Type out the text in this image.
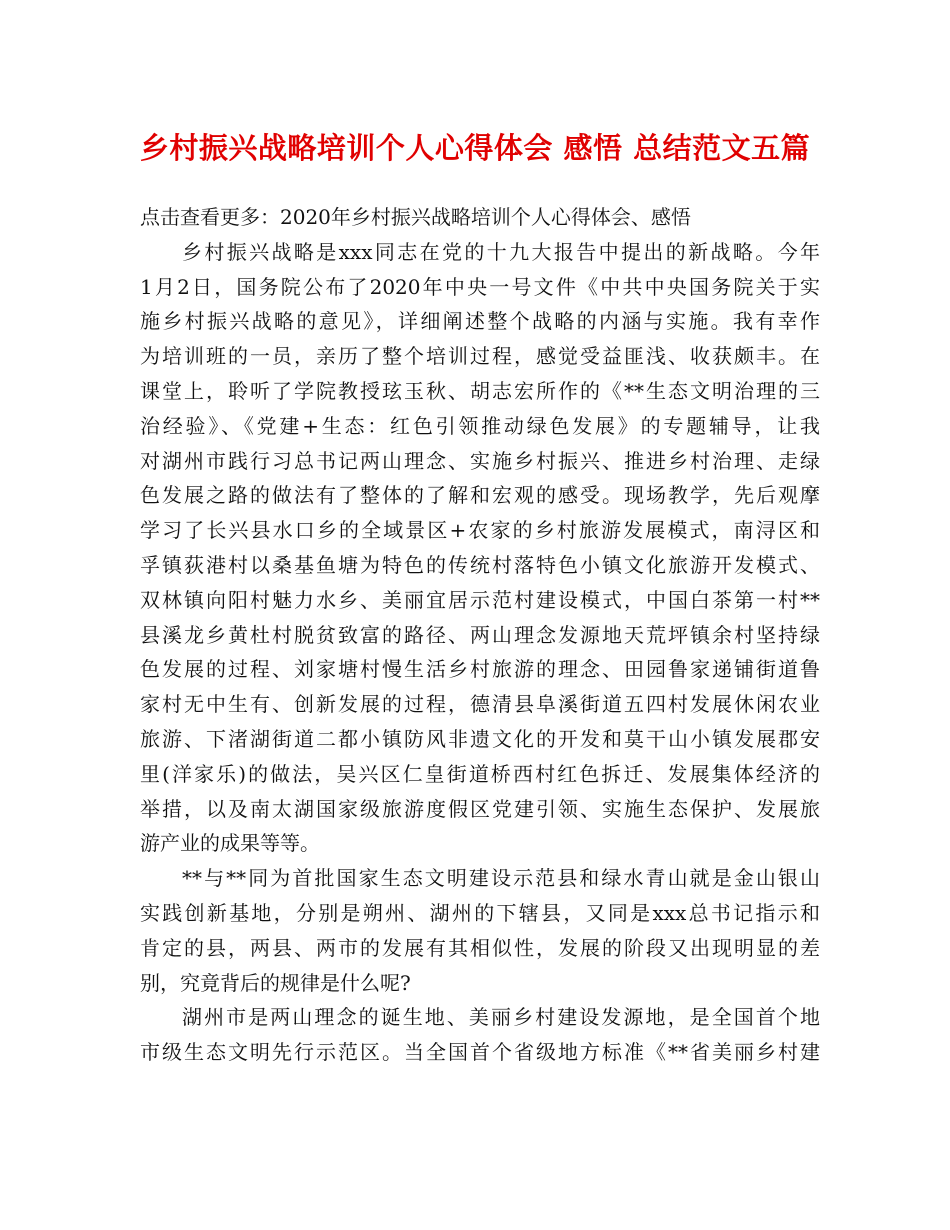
乡村振兴战略培训个人心得体会 感悟 总结范文五篇
点击查看更多：2020年乡村振兴战略培训个人心得体会、感悟
乡村振兴战略是xxx同志在党的十九大报告中提出的新战略。今年
1月2日，国务院公布了2020年中央一号文件《中共中央国务院关于实
施乡村振兴战略的意见》，详细阐述整个战略的内涵与实施。我有幸作
为培训班的一员，亲历了整个培训过程，感觉受益匪浅、收获颇丰。在
课堂上，聆听了学院教授玹玉秋、胡志宏所作的《**生态文明治理的三
治经验》、《党建+生态：红色引领推动绿色发展》的专题辅导，让我
对湖州市践行习总书记两山理念、实施乡村振兴、推进乡村治理、走绿
色发展之路的做法有了整体的了解和宏观的感受。现场教学，先后观摩
学习了长兴县水口乡的全域景区+农家的乡村旅游发展模式，南浔区和
孚镇荻港村以桑基鱼塘为特色的传统村落特色小镇文化旅游开发模式、
双林镇向阳村魅力水乡、美丽宜居示范村建设模式，中国白茶第一村**
县溪龙乡黄杜村脱贫致富的路径、两山理念发源地天荒坪镇余村坚持绿
色发展的过程、刘家塘村慢生活乡村旅游的理念、田园鲁家递铺街道鲁
家村无中生有、创新发展的过程，德清县阜溪街道五四村发展休闲农业
旅游、下渚湖街道二都小镇防风非遗文化的开发和莫干山小镇发展郡安
里(洋家乐)的做法，吴兴区仁皇街道桥西村红色拆迁、发展集体经济的
举措，以及南太湖国家级旅游度假区党建引领、实施生态保护、发展旅
游产业的成果等等。
**与**同为首批国家生态文明建设示范县和绿水青山就是金山银山
实践创新基地，分别是朔州、湖州的下辖县，又同是xxx总书记指示和
肯定的县，两县、两市的发展有其相似性，发展的阶段又出现明显的差
别，究竟背后的规律是什么呢?
湖州市是两山理念的诞生地、美丽乡村建设发源地，是全国首个地
市级生态文明先行示范区。当全国首个省级地方标准《**省美丽乡村建
